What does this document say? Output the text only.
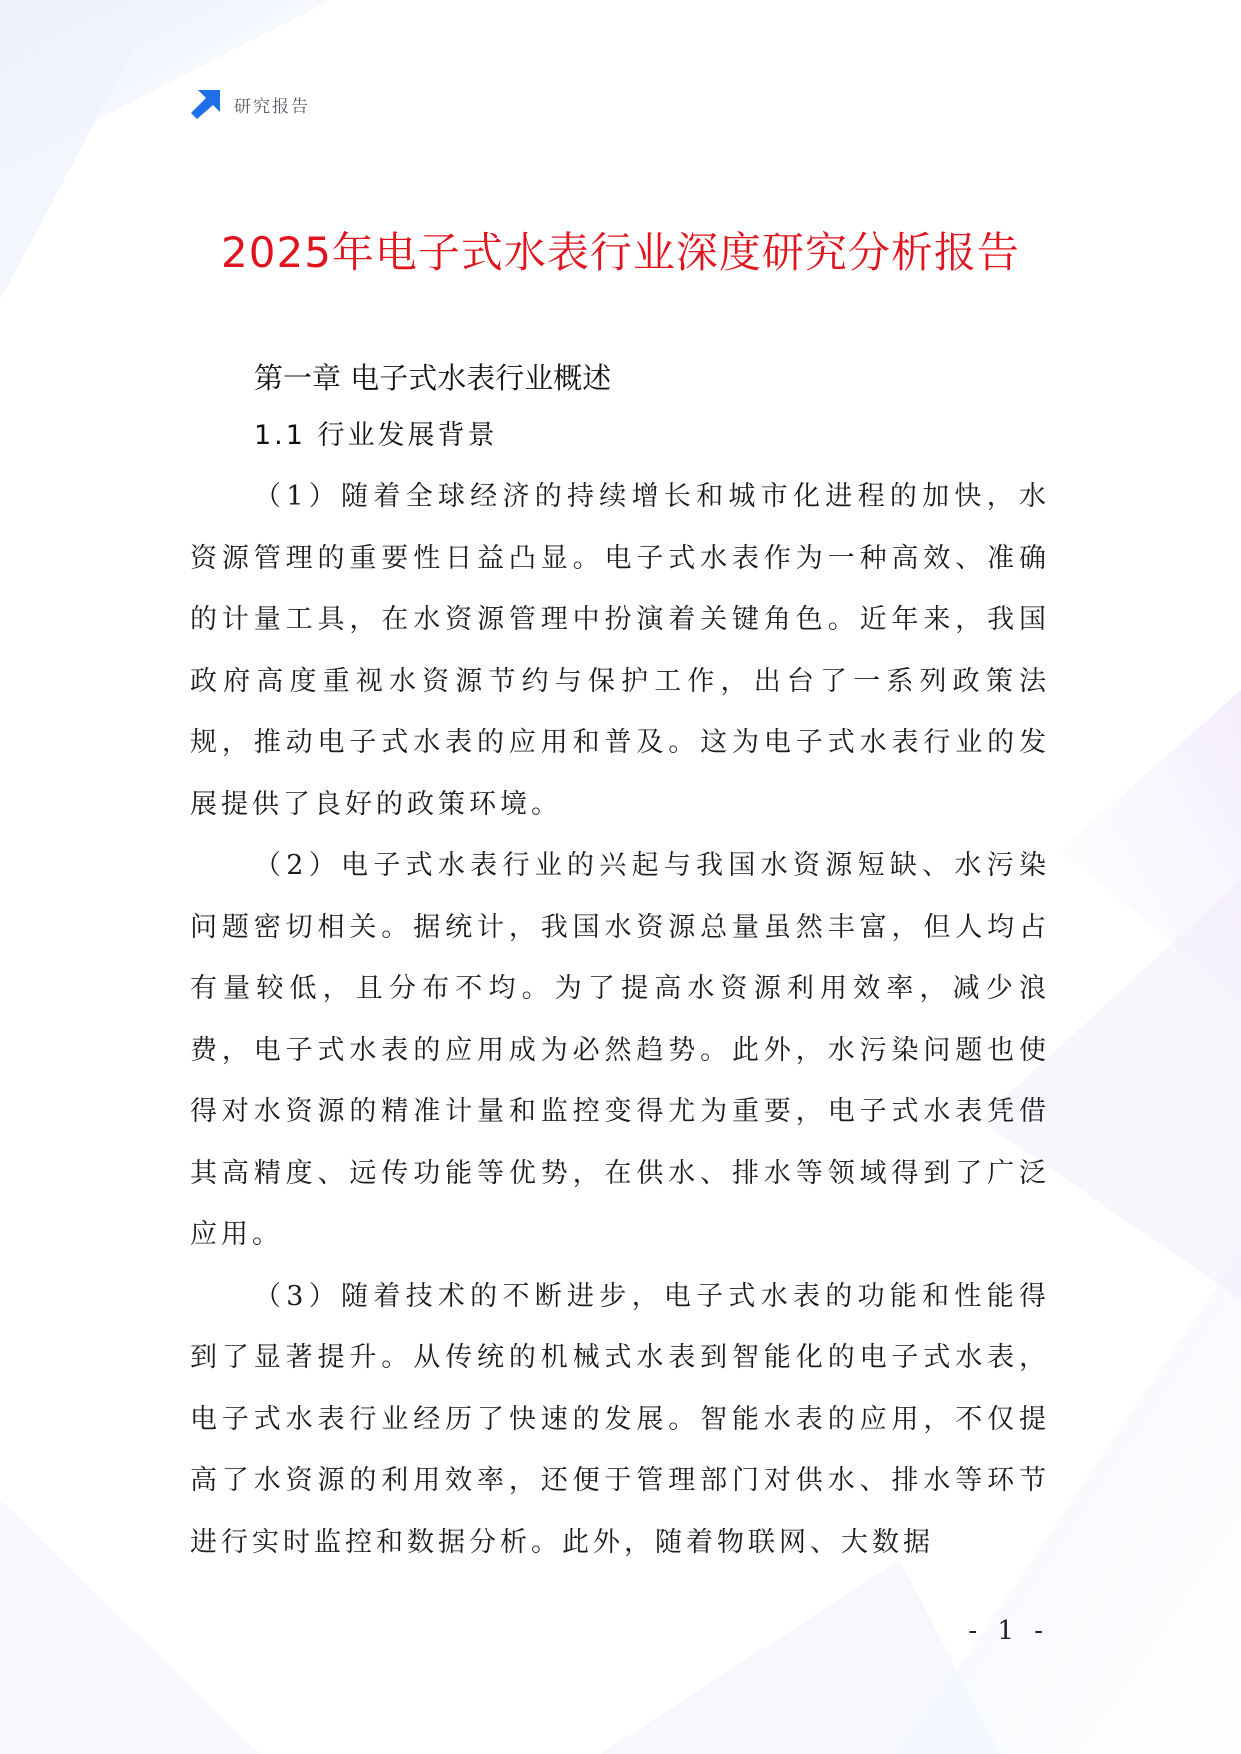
研究报告
2025年电子式水表行业深度研究分析报告
第一章 电子式水表行业概述
1.1 行业发展背景

（1）随着全球经济的持续增长和城市化进程的加快，水资源管理的重要性日益凸显。电子式水表作为一种高效、准确的计量工具，在水资源管理中扮演着关键角色。近年来，我国政府高度重视水资源节约与保护工作，出台了一系列政策法规，推动电子式水表的应用和普及。这为电子式水表行业的发展提供了良好的政策环境。

（2）电子式水表行业的兴起与我国水资源短缺、水污染问题密切相关。据统计，我国水资源总量虽然丰富，但人均占有量较低，且分布不均。为了提高水资源利用效率，减少浪费，电子式水表的应用成为必然趋势。此外，水污染问题也使得对水资源的精准计量和监控变得尤为重要，电子式水表凭借其高精度、远传功能等优势，在供水、排水等领域得到了广泛应用。

（3）随着技术的不断进步，电子式水表的功能和性能得到了显著提升。从传统的机械式水表到智能化的电子式水表，电子式水表行业经历了快速的发展。智能水表的应用，不仅提高了水资源的利用效率，还便于管理部门对供水、排水等环节进行实时监控和数据分析。此外，随着物联网、大数据

- 1 -
